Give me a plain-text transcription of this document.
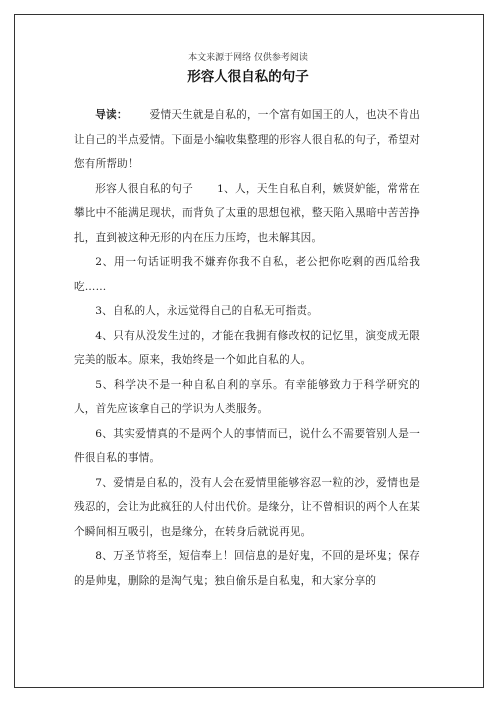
本文来源于网络 仅供参考阅读
形容人很自私的句子

导读： 爱情天生就是自私的，一个富有如国王的人，也决不肯出让自己的半点爱情。下面是小编收集整理的形容人很自私的句子，希望对您有所帮助！

形容人很自私的句子 1、人，天生自私自利，嫉贤妒能，常常在攀比中不能满足现状，而背负了太重的思想包袱，整天陷入黑暗中苦苦挣扎，直到被这种无形的内在压力压垮，也未解其因。

2、用一句话证明我不嫌弃你我不自私，老公把你吃剩的西瓜给我吃……

3、自私的人，永远觉得自己的自私无可指责。

4、只有从没发生过的，才能在我拥有修改权的记忆里，演变成无限完美的版本。原来，我始终是一个如此自私的人。

5、科学决不是一种自私自利的享乐。有幸能够致力于科学研究的人，首先应该拿自己的学识为人类服务。

6、其实爱情真的不是两个人的事情而已，说什么不需要管别人是一件很自私的事情。

7、爱情是自私的，没有人会在爱情里能够容忍一粒的沙，爱情也是残忍的，会让为此疯狂的人付出代价。是缘分，让不曾相识的两个人在某个瞬间相互吸引，也是缘分，在转身后就说再见。

8、万圣节将至，短信奉上！回信息的是好鬼，不回的是坏鬼；保存的是帅鬼，删除的是淘气鬼；独自偷乐是自私鬼，和大家分享的
